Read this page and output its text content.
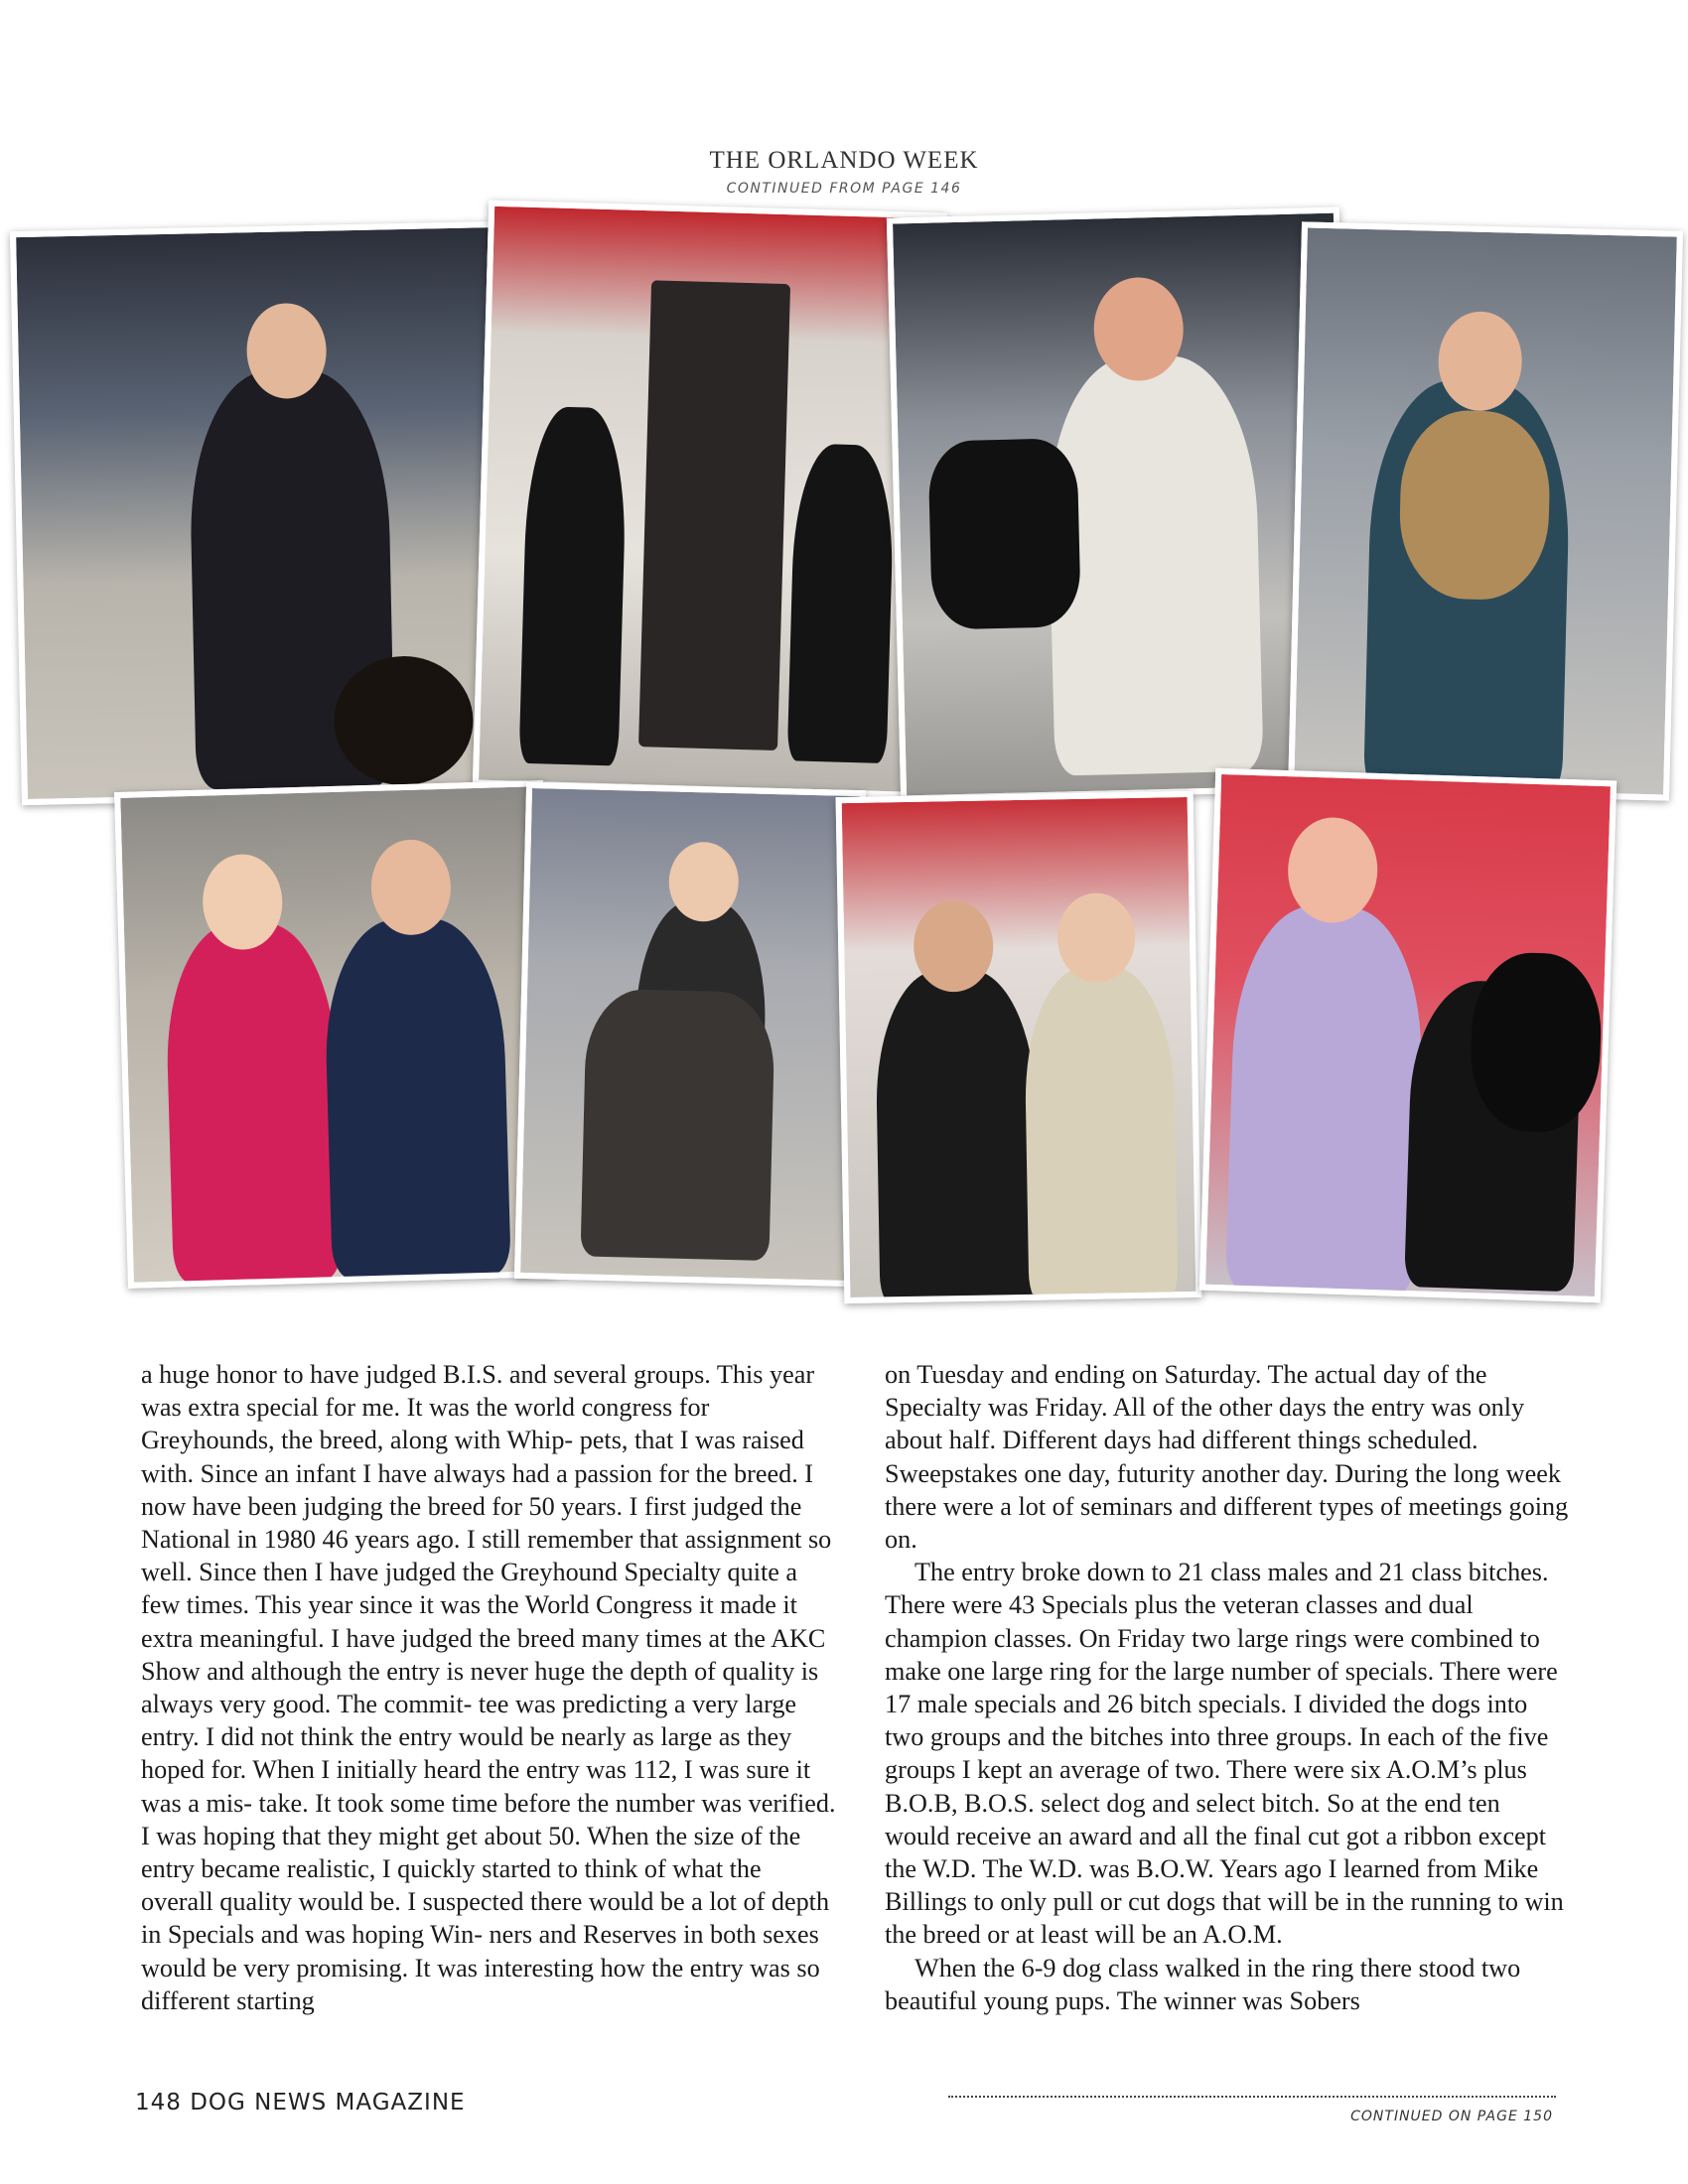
THE ORLANDO WEEK
CONTINUED FROM PAGE 146

a huge honor to have judged B.I.S. and several groups. This year was extra special for me. It was the world congress for Greyhounds, the breed, along with Whip- pets, that I was raised with. Since an infant I have always had a passion for the breed. I now have been judging the breed for 50 years. I first judged the National in 1980 46 years ago. I still remember that assignment so well. Since then I have judged the Greyhound Specialty quite a few times. This year since it was the World Congress it made it extra meaningful. I have judged the breed many times at the AKC Show and although the entry is never huge the depth of quality is always very good. The commit- tee was predicting a very large entry. I did not think the entry would be nearly as large as they hoped for. When I initially heard the entry was 112, I was sure it was a mis- take. It took some time before the number was verified. I was hoping that they might get about 50. When the size of the entry became realistic, I quickly started to think of what the overall quality would be. I suspected there would be a lot of depth in Specials and was hoping Win- ners and Reserves in both sexes would be very promising. It was interesting how the entry was so different starting

on Tuesday and ending on Saturday. The actual day of the Specialty was Friday. All of the other days the entry was only about half. Different days had different things scheduled. Sweepstakes one day, futurity another day. During the long week there were a lot of seminars and different types of meetings going on.

The entry broke down to 21 class males and 21 class bitches. There were 43 Specials plus the veteran classes and dual champion classes. On Friday two large rings were combined to make one large ring for the large number of specials. There were 17 male specials and 26 bitch specials. I divided the dogs into two groups and the bitches into three groups. In each of the five groups I kept an average of two. There were six A.O.M’s plus B.O.B, B.O.S. select dog and select bitch. So at the end ten would receive an award and all the final cut got a ribbon except the W.D. The W.D. was B.O.W. Years ago I learned from Mike Billings to only pull or cut dogs that will be in the running to win the breed or at least will be an A.O.M.

When the 6-9 dog class walked in the ring there stood two beautiful young pups. The winner was Sobers

148 DOG NEWS MAGAZINE
CONTINUED ON PAGE 150
